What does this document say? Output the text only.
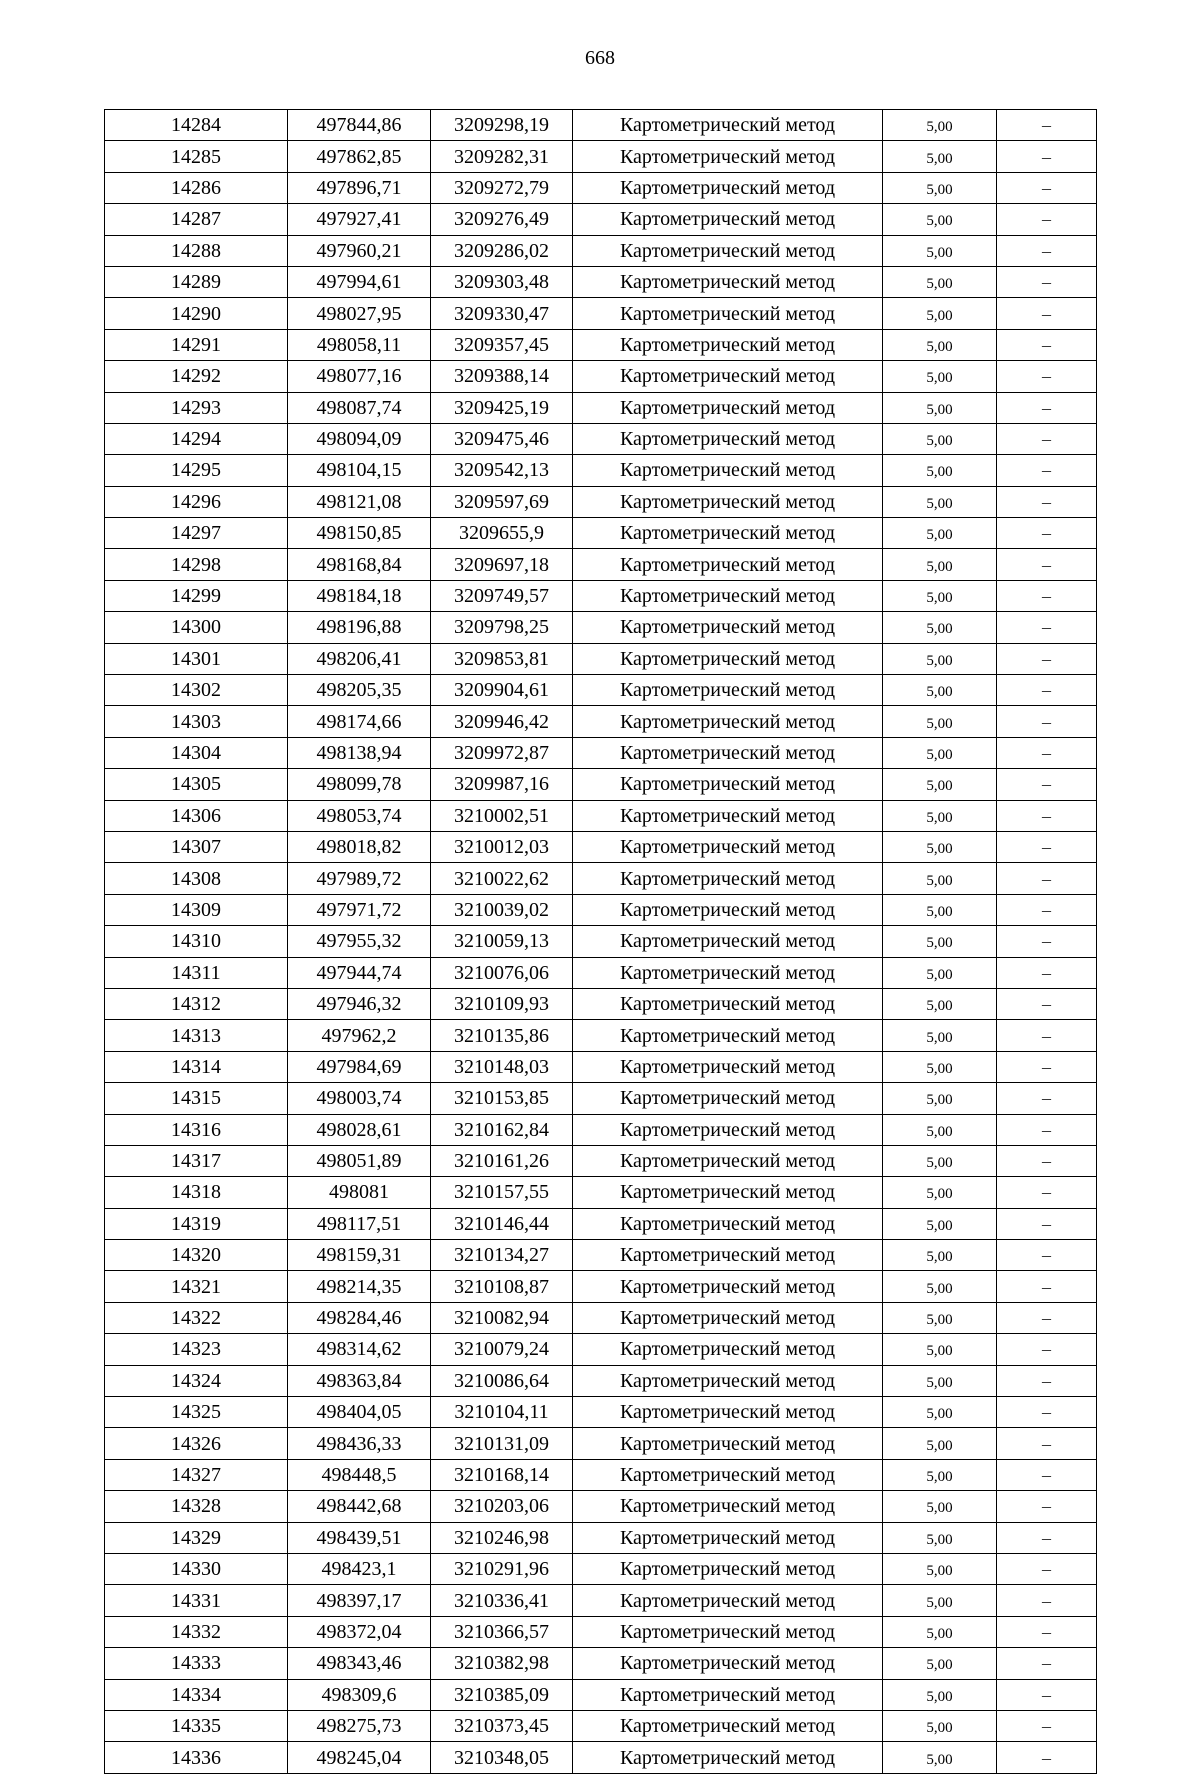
668
14284	497844,86	3209298,19	Картометрический метод	5,00	–
14285	497862,85	3209282,31	Картометрический метод	5,00	–
14286	497896,71	3209272,79	Картометрический метод	5,00	–
14287	497927,41	3209276,49	Картометрический метод	5,00	–
14288	497960,21	3209286,02	Картометрический метод	5,00	–
14289	497994,61	3209303,48	Картометрический метод	5,00	–
14290	498027,95	3209330,47	Картометрический метод	5,00	–
14291	498058,11	3209357,45	Картометрический метод	5,00	–
14292	498077,16	3209388,14	Картометрический метод	5,00	–
14293	498087,74	3209425,19	Картометрический метод	5,00	–
14294	498094,09	3209475,46	Картометрический метод	5,00	–
14295	498104,15	3209542,13	Картометрический метод	5,00	–
14296	498121,08	3209597,69	Картометрический метод	5,00	–
14297	498150,85	3209655,9	Картометрический метод	5,00	–
14298	498168,84	3209697,18	Картометрический метод	5,00	–
14299	498184,18	3209749,57	Картометрический метод	5,00	–
14300	498196,88	3209798,25	Картометрический метод	5,00	–
14301	498206,41	3209853,81	Картометрический метод	5,00	–
14302	498205,35	3209904,61	Картометрический метод	5,00	–
14303	498174,66	3209946,42	Картометрический метод	5,00	–
14304	498138,94	3209972,87	Картометрический метод	5,00	–
14305	498099,78	3209987,16	Картометрический метод	5,00	–
14306	498053,74	3210002,51	Картометрический метод	5,00	–
14307	498018,82	3210012,03	Картометрический метод	5,00	–
14308	497989,72	3210022,62	Картометрический метод	5,00	–
14309	497971,72	3210039,02	Картометрический метод	5,00	–
14310	497955,32	3210059,13	Картометрический метод	5,00	–
14311	497944,74	3210076,06	Картометрический метод	5,00	–
14312	497946,32	3210109,93	Картометрический метод	5,00	–
14313	497962,2	3210135,86	Картометрический метод	5,00	–
14314	497984,69	3210148,03	Картометрический метод	5,00	–
14315	498003,74	3210153,85	Картометрический метод	5,00	–
14316	498028,61	3210162,84	Картометрический метод	5,00	–
14317	498051,89	3210161,26	Картометрический метод	5,00	–
14318	498081	3210157,55	Картометрический метод	5,00	–
14319	498117,51	3210146,44	Картометрический метод	5,00	–
14320	498159,31	3210134,27	Картометрический метод	5,00	–
14321	498214,35	3210108,87	Картометрический метод	5,00	–
14322	498284,46	3210082,94	Картометрический метод	5,00	–
14323	498314,62	3210079,24	Картометрический метод	5,00	–
14324	498363,84	3210086,64	Картометрический метод	5,00	–
14325	498404,05	3210104,11	Картометрический метод	5,00	–
14326	498436,33	3210131,09	Картометрический метод	5,00	–
14327	498448,5	3210168,14	Картометрический метод	5,00	–
14328	498442,68	3210203,06	Картометрический метод	5,00	–
14329	498439,51	3210246,98	Картометрический метод	5,00	–
14330	498423,1	3210291,96	Картометрический метод	5,00	–
14331	498397,17	3210336,41	Картометрический метод	5,00	–
14332	498372,04	3210366,57	Картометрический метод	5,00	–
14333	498343,46	3210382,98	Картометрический метод	5,00	–
14334	498309,6	3210385,09	Картометрический метод	5,00	–
14335	498275,73	3210373,45	Картометрический метод	5,00	–
14336	498245,04	3210348,05	Картометрический метод	5,00	–
